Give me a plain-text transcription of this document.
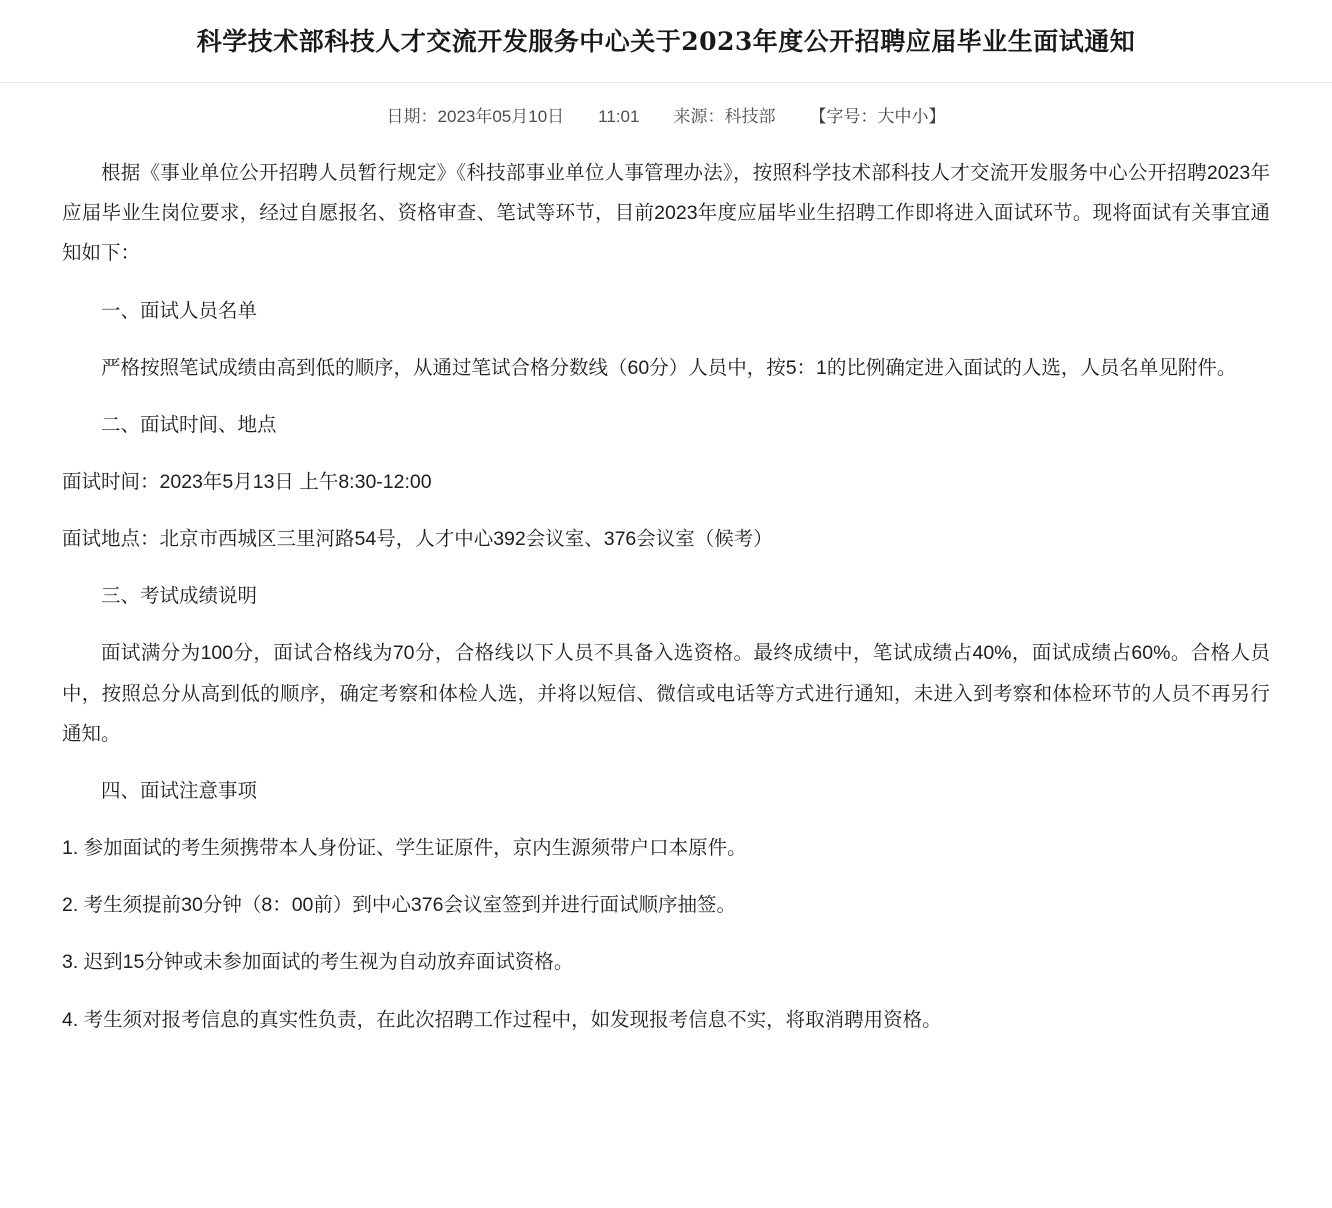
科学技术部科技人才交流开发服务中心关于2023年度公开招聘应届毕业生面试通知
日期：2023年05月10日 11:01 来源：科技部 【字号：大中小】

根据《事业单位公开招聘人员暂行规定》《科技部事业单位人事管理办法》，按照科学技术部科技人才交流开发服务中心公开招聘2023年应届毕业生岗位要求，经过自愿报名、资格审查、笔试等环节，目前2023年度应届毕业生招聘工作即将进入面试环节。现将面试有关事宜通知如下：

一、面试人员名单

严格按照笔试成绩由高到低的顺序，从通过笔试合格分数线（60分）人员中，按5：1的比例确定进入面试的人选，人员名单见附件。

二、面试时间、地点

面试时间：2023年5月13日 上午8:30-12:00

面试地点：北京市西城区三里河路54号，人才中心392会议室、376会议室（候考）

三、考试成绩说明

面试满分为100分，面试合格线为70分，合格线以下人员不具备入选资格。最终成绩中，笔试成绩占40%，面试成绩占60%。合格人员中，按照总分从高到低的顺序，确定考察和体检人选，并将以短信、微信或电话等方式进行通知，未进入到考察和体检环节的人员不再另行通知。

四、面试注意事项

1. 参加面试的考生须携带本人身份证、学生证原件，京内生源须带户口本原件。

2. 考生须提前30分钟（8：00前）到中心376会议室签到并进行面试顺序抽签。

3. 迟到15分钟或未参加面试的考生视为自动放弃面试资格。

4. 考生须对报考信息的真实性负责，在此次招聘工作过程中，如发现报考信息不实，将取消聘用资格。
